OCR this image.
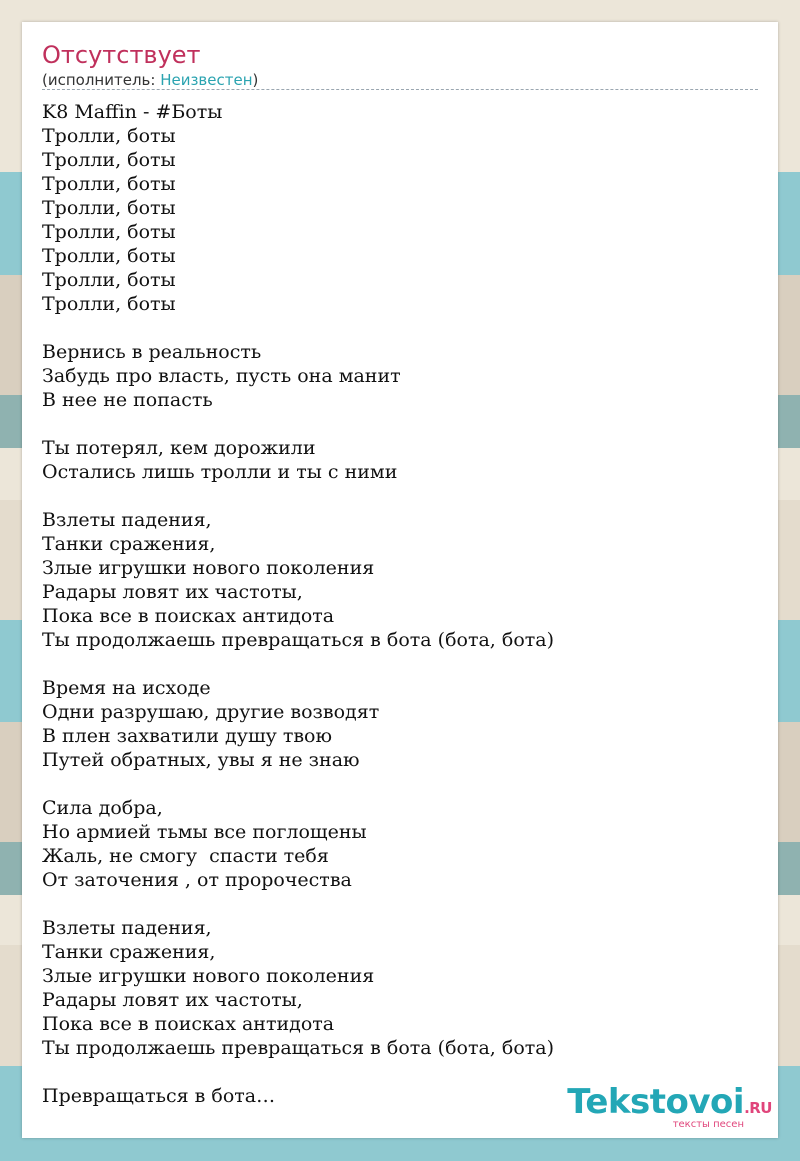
Отсутствует
(исполнитель: Неизвестен)
K8 Maffin - #Боты
Тролли, боты
Тролли, боты
Тролли, боты
Тролли, боты
Тролли, боты
Тролли, боты
Тролли, боты
Тролли, боты
Вернись в реальность
Забудь про власть, пусть она манит
В нее не попасть
Ты потерял, кем дорожили
Остались лишь тролли и ты с ними
Взлеты падения,
Танки сражения,
Злые игрушки нового поколения
Радары ловят их частоты,
Пока все в поисках антидота
Ты продолжаешь превращаться в бота (бота, бота)
Время на исходе
Одни разрушаю, другие возводят
В плен захватили душу твою
Путей обратных, увы я не знаю
Сила добра,
Но армией тьмы все поглощены
Жаль, не смогу  спасти тебя
От заточения , от пророчества
Взлеты падения,
Танки сражения,
Злые игрушки нового поколения
Радары ловят их частоты,
Пока все в поисках антидота
Ты продолжаешь превращаться в бота (бота, бота)
Превращаться в бота…	Tekstovoi.RU
тексты песен
